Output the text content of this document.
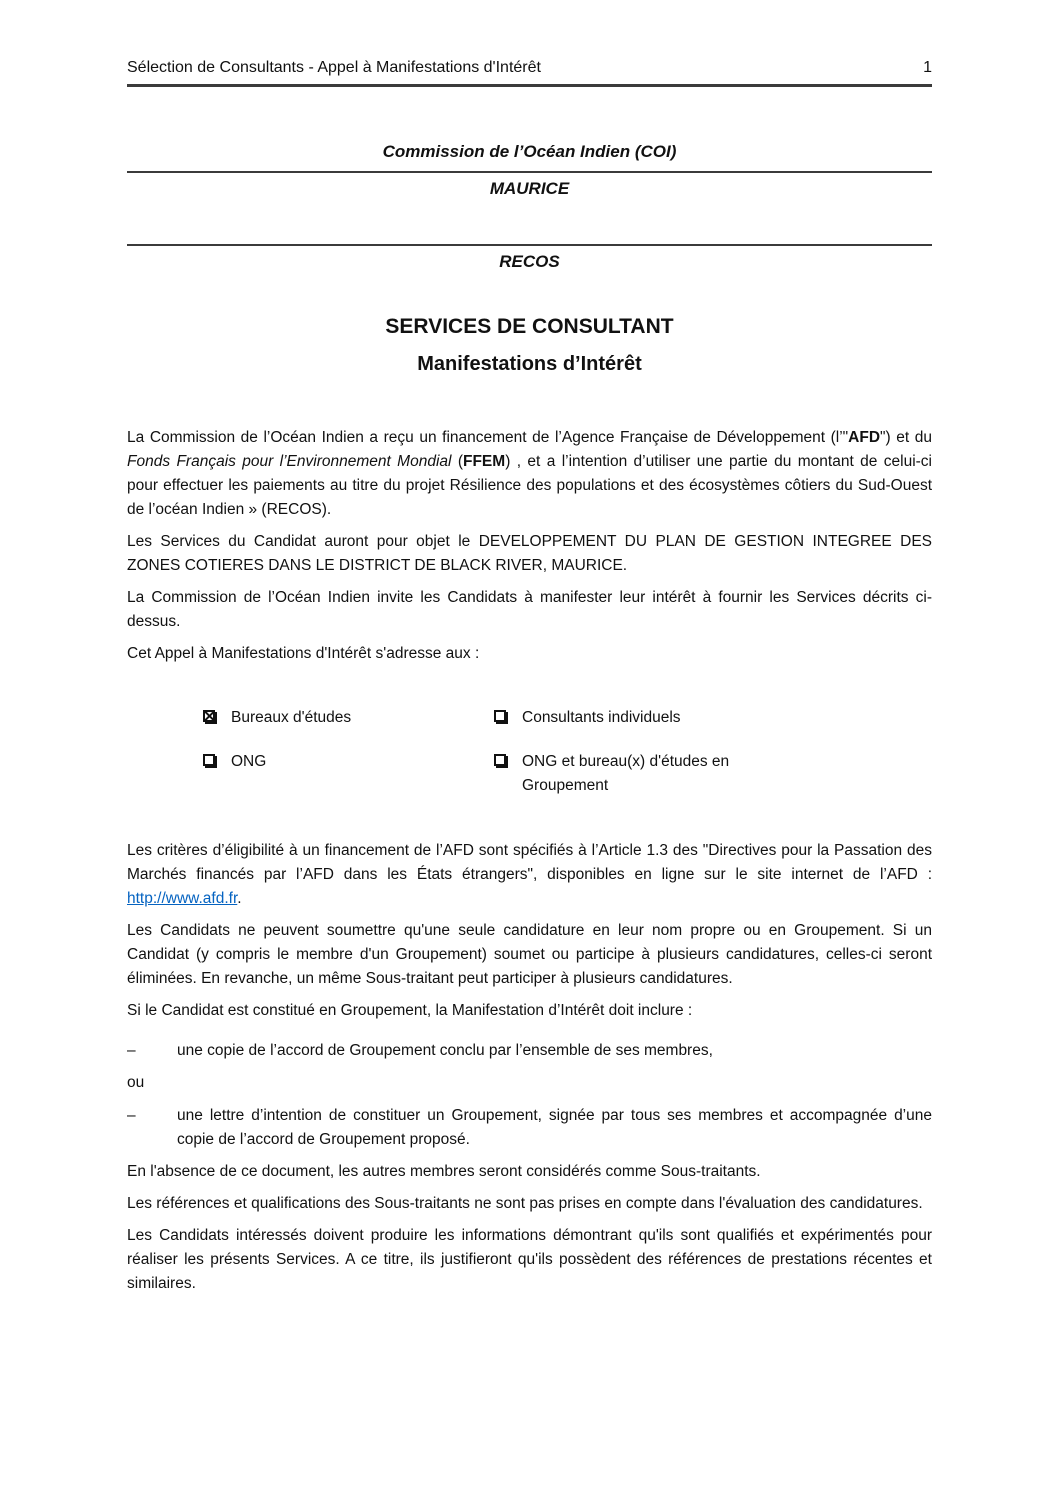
Sélection de Consultants - Appel à Manifestations d'Intérêt	1
Commission de l’Océan Indien (COI)
MAURICE
RECOS
SERVICES DE CONSULTANT
Manifestations d’Intérêt

La Commission de l’Océan Indien a reçu un financement de l’Agence Française de Développement (l’"AFD") et du Fonds Français pour l’Environnement Mondial (FFEM) , et a l’intention d’utiliser une partie du montant de celui-ci pour effectuer les paiements au titre du projet Résilience des populations et des écosystèmes côtiers du Sud-Ouest de l’océan Indien » (RECOS).

Les Services du Candidat auront pour objet le DEVELOPPEMENT DU PLAN DE GESTION INTEGREE DES ZONES COTIERES DANS LE DISTRICT DE BLACK RIVER, MAURICE.

La Commission de l’Océan Indien invite les Candidats à manifester leur intérêt à fournir les Services décrits ci-dessus.

Cet Appel à Manifestations d'Intérêt s'adresse aux :

Bureaux d'études	Consultants individuels
ONG	ONG et bureau(x) d'études en Groupement

Les critères d’éligibilité à un financement de l’AFD sont spécifiés à l’Article 1.3 des "Directives pour la Passation des Marchés financés par l’AFD dans les États étrangers", disponibles en ligne sur le site internet de l’AFD : http://www.afd.fr.

Les Candidats ne peuvent soumettre qu'une seule candidature en leur nom propre ou en Groupement. Si un Candidat (y compris le membre d'un Groupement) soumet ou participe à plusieurs candidatures, celles-ci seront éliminées. En revanche, un même Sous-traitant peut participer à plusieurs candidatures.

Si le Candidat est constitué en Groupement, la Manifestation d’Intérêt doit inclure :

–	une copie de l’accord de Groupement conclu par l’ensemble de ses membres,

ou

–	une lettre d’intention de constituer un Groupement, signée par tous ses membres et accompagnée d’une copie de l’accord de Groupement proposé.

En l'absence de ce document, les autres membres seront considérés comme Sous-traitants.

Les références et qualifications des Sous-traitants ne sont pas prises en compte dans l'évaluation des candidatures.

Les Candidats intéressés doivent produire les informations démontrant qu'ils sont qualifiés et expérimentés pour réaliser les présents Services. A ce titre, ils justifieront qu'ils possèdent des références de prestations récentes et similaires.
